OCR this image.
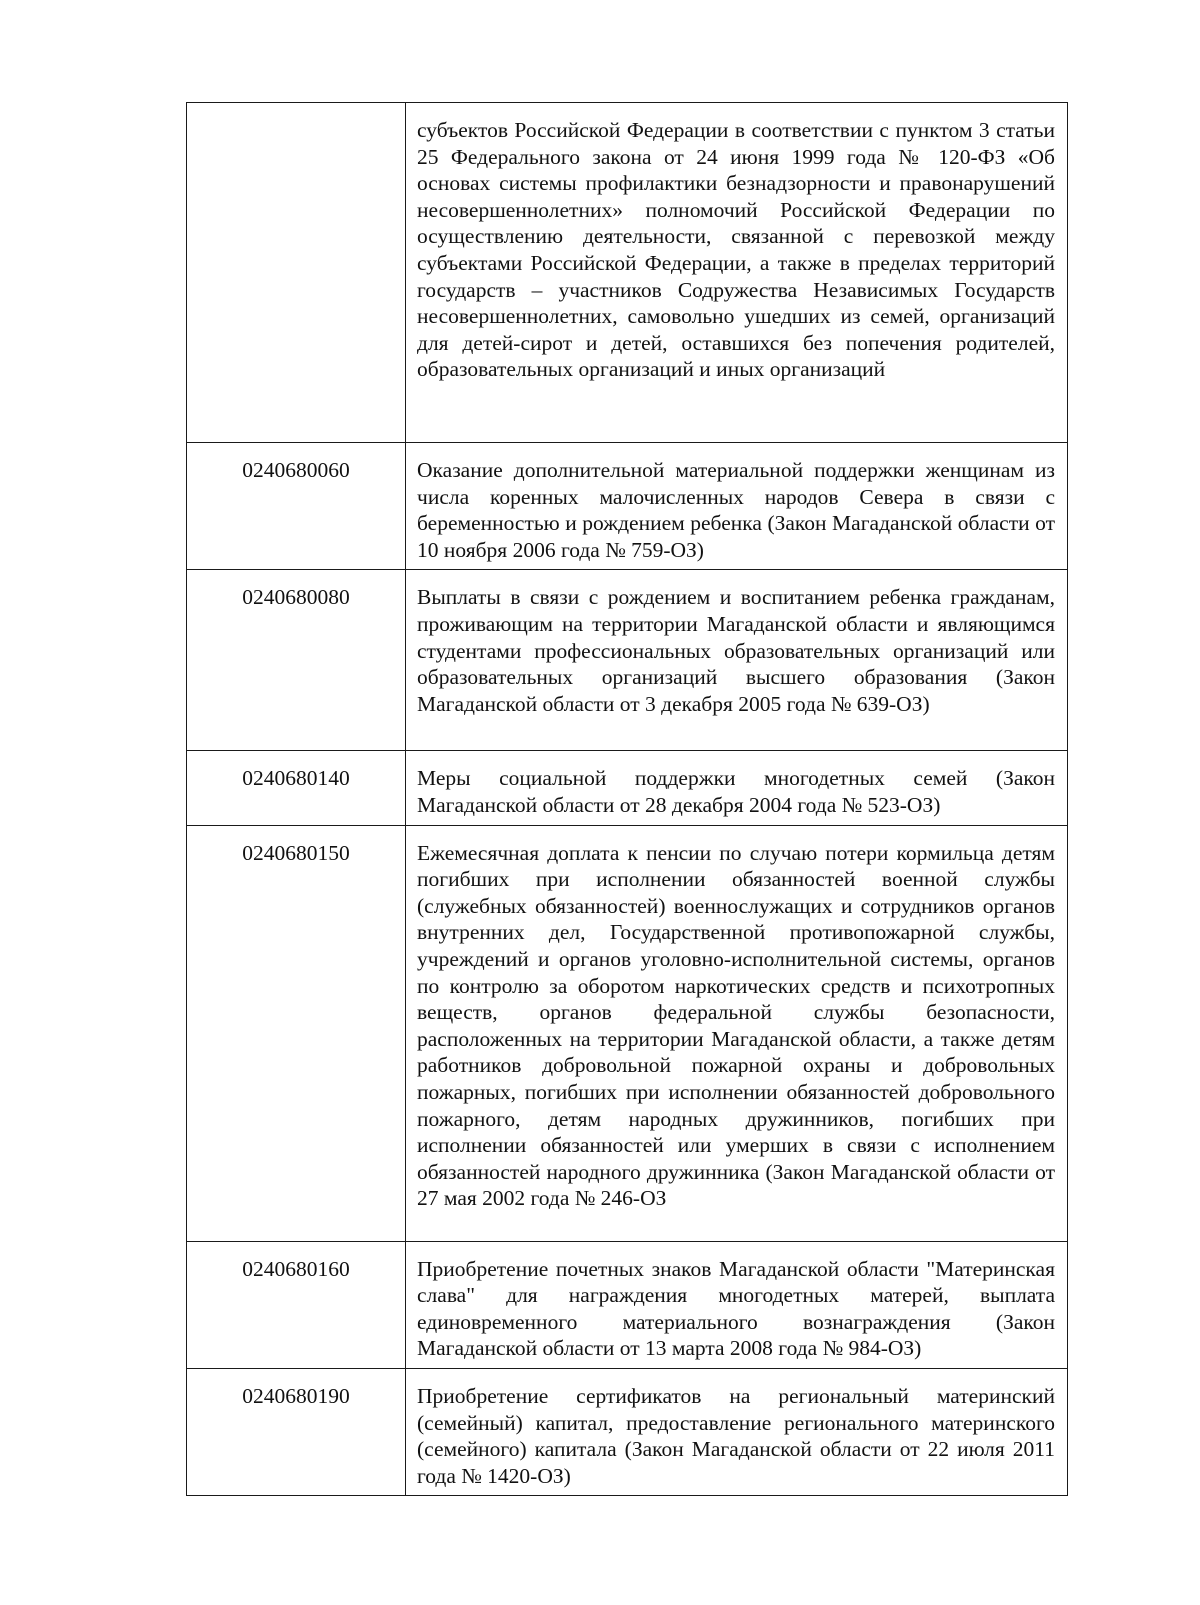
	субъектов Российской Федерации в соответствии с пунктом 3 статьи 25 Федерального закона от 24 июня 1999 года № 120-ФЗ «Об основах системы профилактики безнадзорности и правонарушений несовершеннолетних» полномочий Российской Федерации по осуществлению деятельности, связанной с перевозкой между субъектами Российской Федерации, а также в пределах территорий государств – участников Содружества Независимых Государств несовершеннолетних, самовольно ушедших из семей, организаций для детей-сирот и детей, оставшихся без попечения родителей, образовательных организаций и иных организаций
0240680060	Оказание дополнительной материальной поддержки женщинам из числа коренных малочисленных народов Севера в связи с беременностью и рождением ребенка (Закон Магаданской области от 10 ноября 2006 года № 759-ОЗ)
0240680080	Выплаты в связи с рождением и воспитанием ребенка гражданам, проживающим на территории Магаданской области и являющимся студентами профессиональных образовательных организаций или образовательных организаций высшего образования (Закон Магаданской области от 3 декабря 2005 года № 639-ОЗ)
0240680140	Меры социальной поддержки многодетных семей (Закон Магаданской области от 28 декабря 2004 года № 523-ОЗ)
0240680150	Ежемесячная доплата к пенсии по случаю потери кормильца детям погибших при исполнении обязанностей военной службы (служебных обязанностей) военнослужащих и сотрудников органов внутренних дел, Государственной противопожарной службы, учреждений и органов уголовно-исполнительной системы, органов по контролю за оборотом наркотических средств и психотропных веществ, органов федеральной службы безопасности, расположенных на территории Магаданской области, а также детям работников добровольной пожарной охраны и добровольных пожарных, погибших при исполнении обязанностей добровольного пожарного, детям народных дружинников, погибших при исполнении обязанностей или умерших в связи с исполнением обязанностей народного дружинника (Закон Магаданской области от 27 мая 2002 года № 246-ОЗ
0240680160	Приобретение почетных знаков Магаданской области "Материнская слава" для награждения многодетных матерей, выплата единовременного материального вознаграждения (Закон Магаданской области от 13 марта 2008 года № 984-ОЗ)
0240680190	Приобретение сертификатов на региональный материнский (семейный) капитал, предоставление регионального материнского (семейного) капитала (Закон Магаданской области от 22 июля 2011 года № 1420-ОЗ)
